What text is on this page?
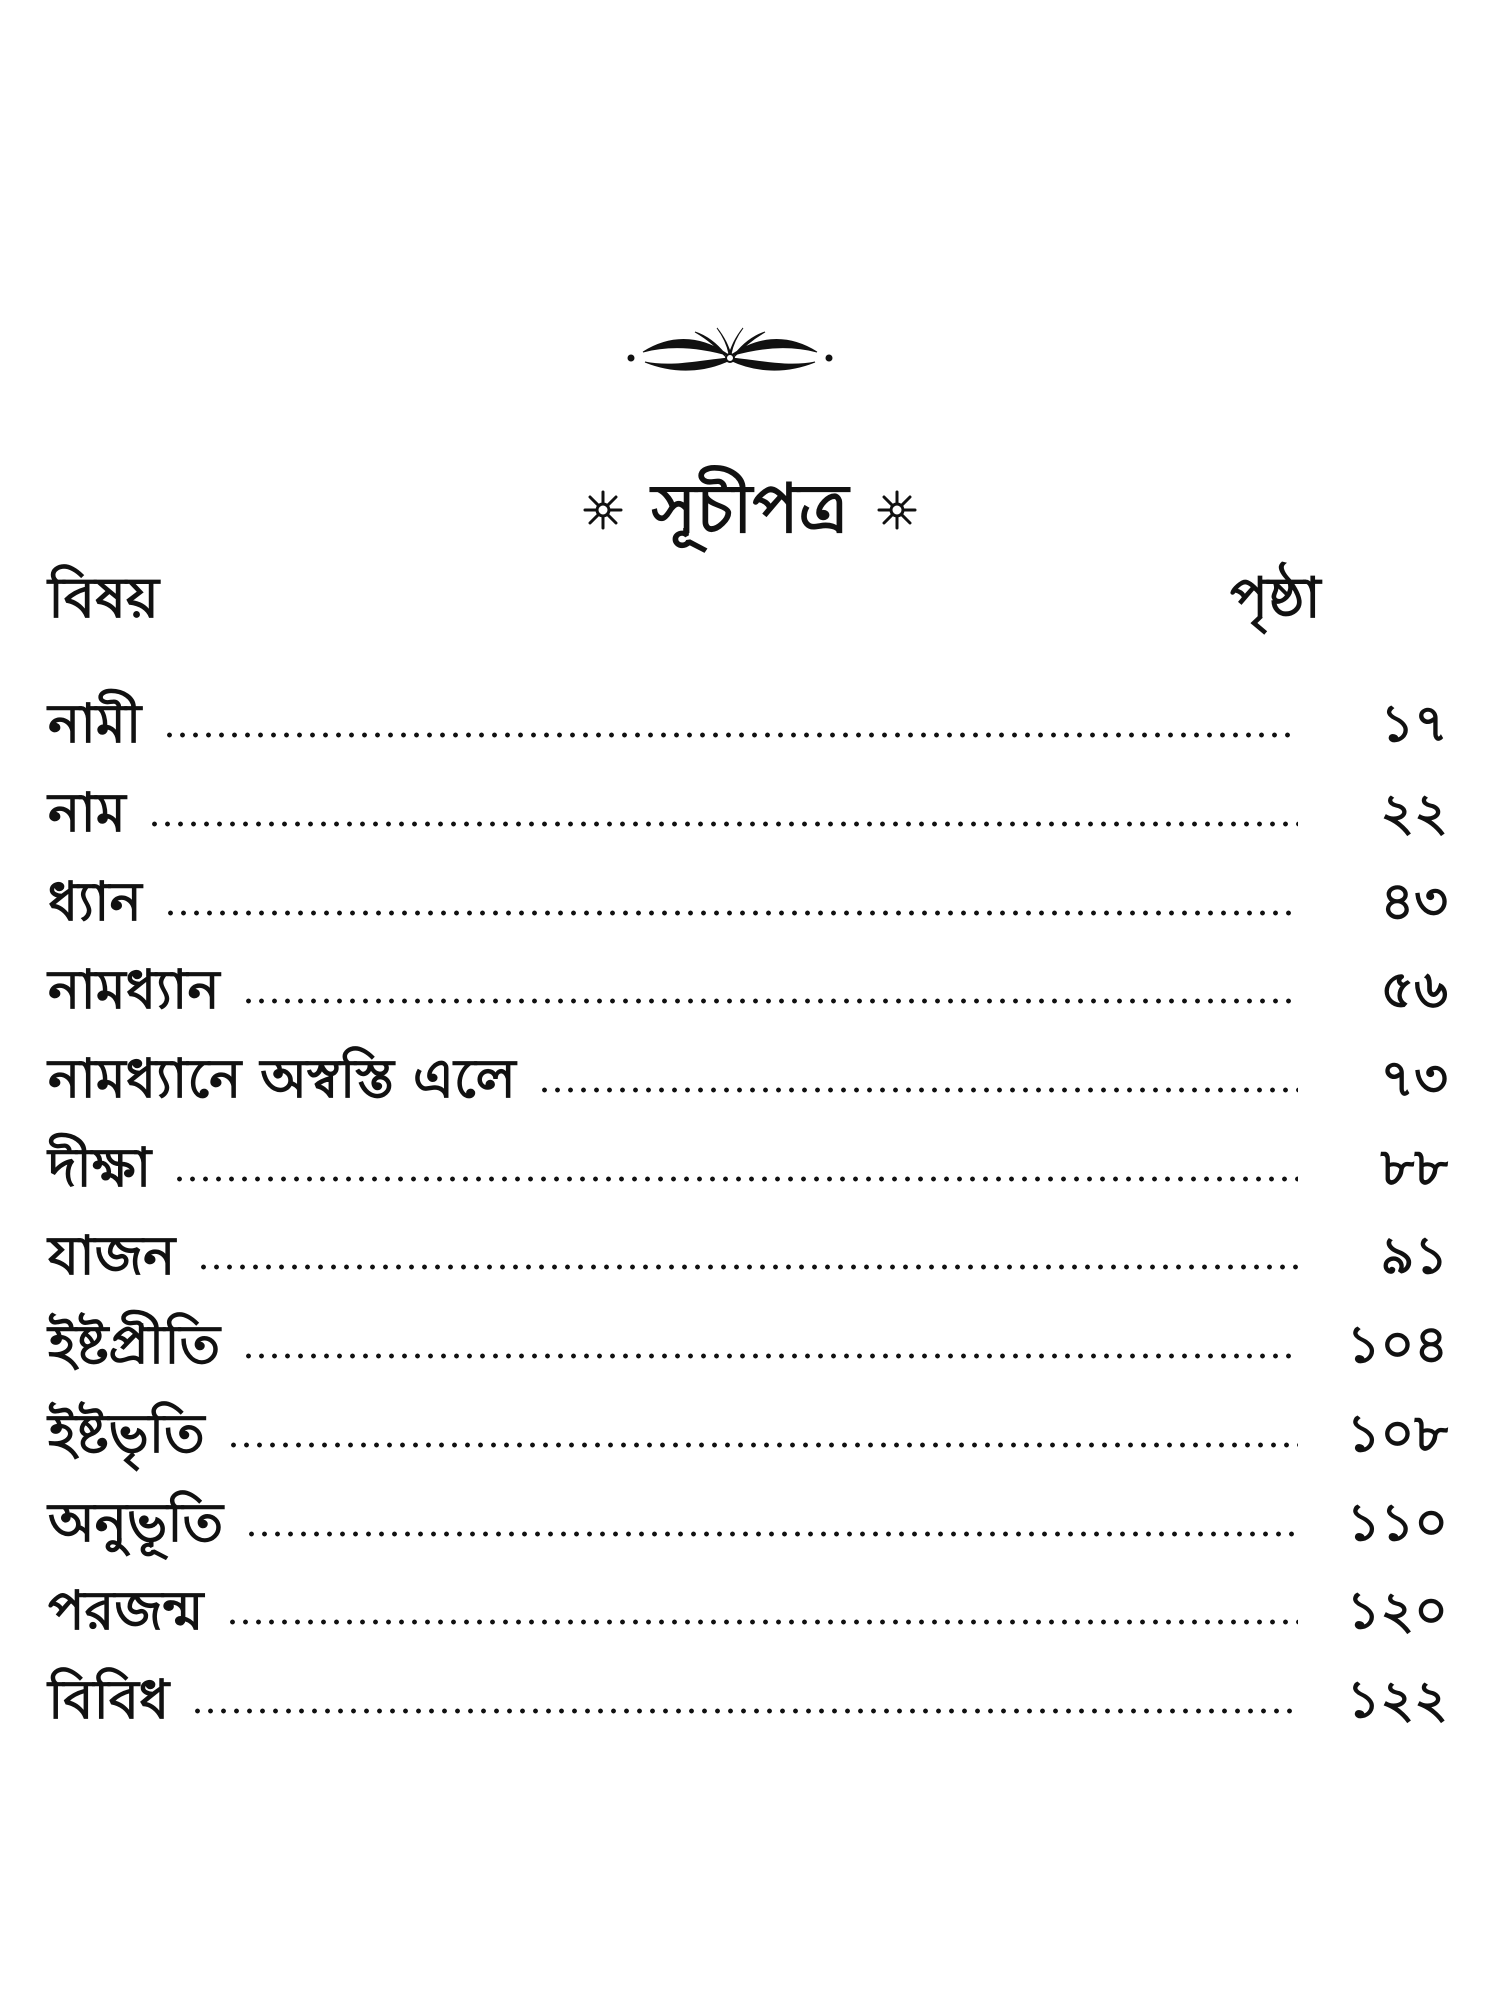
সূচীপত্র
বিষয়	পৃষ্ঠা
নামী	১৭
নাম	২২
ধ্যান	৪৩
নামধ্যান	৫৬
নামধ্যানে অস্বস্তি এলে	৭৩
দীক্ষা	৮৮
যাজন	৯১
ইষ্টপ্রীতি	১০৪
ইষ্টভৃতি	১০৮
অনুভূতি	১১০
পরজন্ম	১২০
বিবিধ	১২২
